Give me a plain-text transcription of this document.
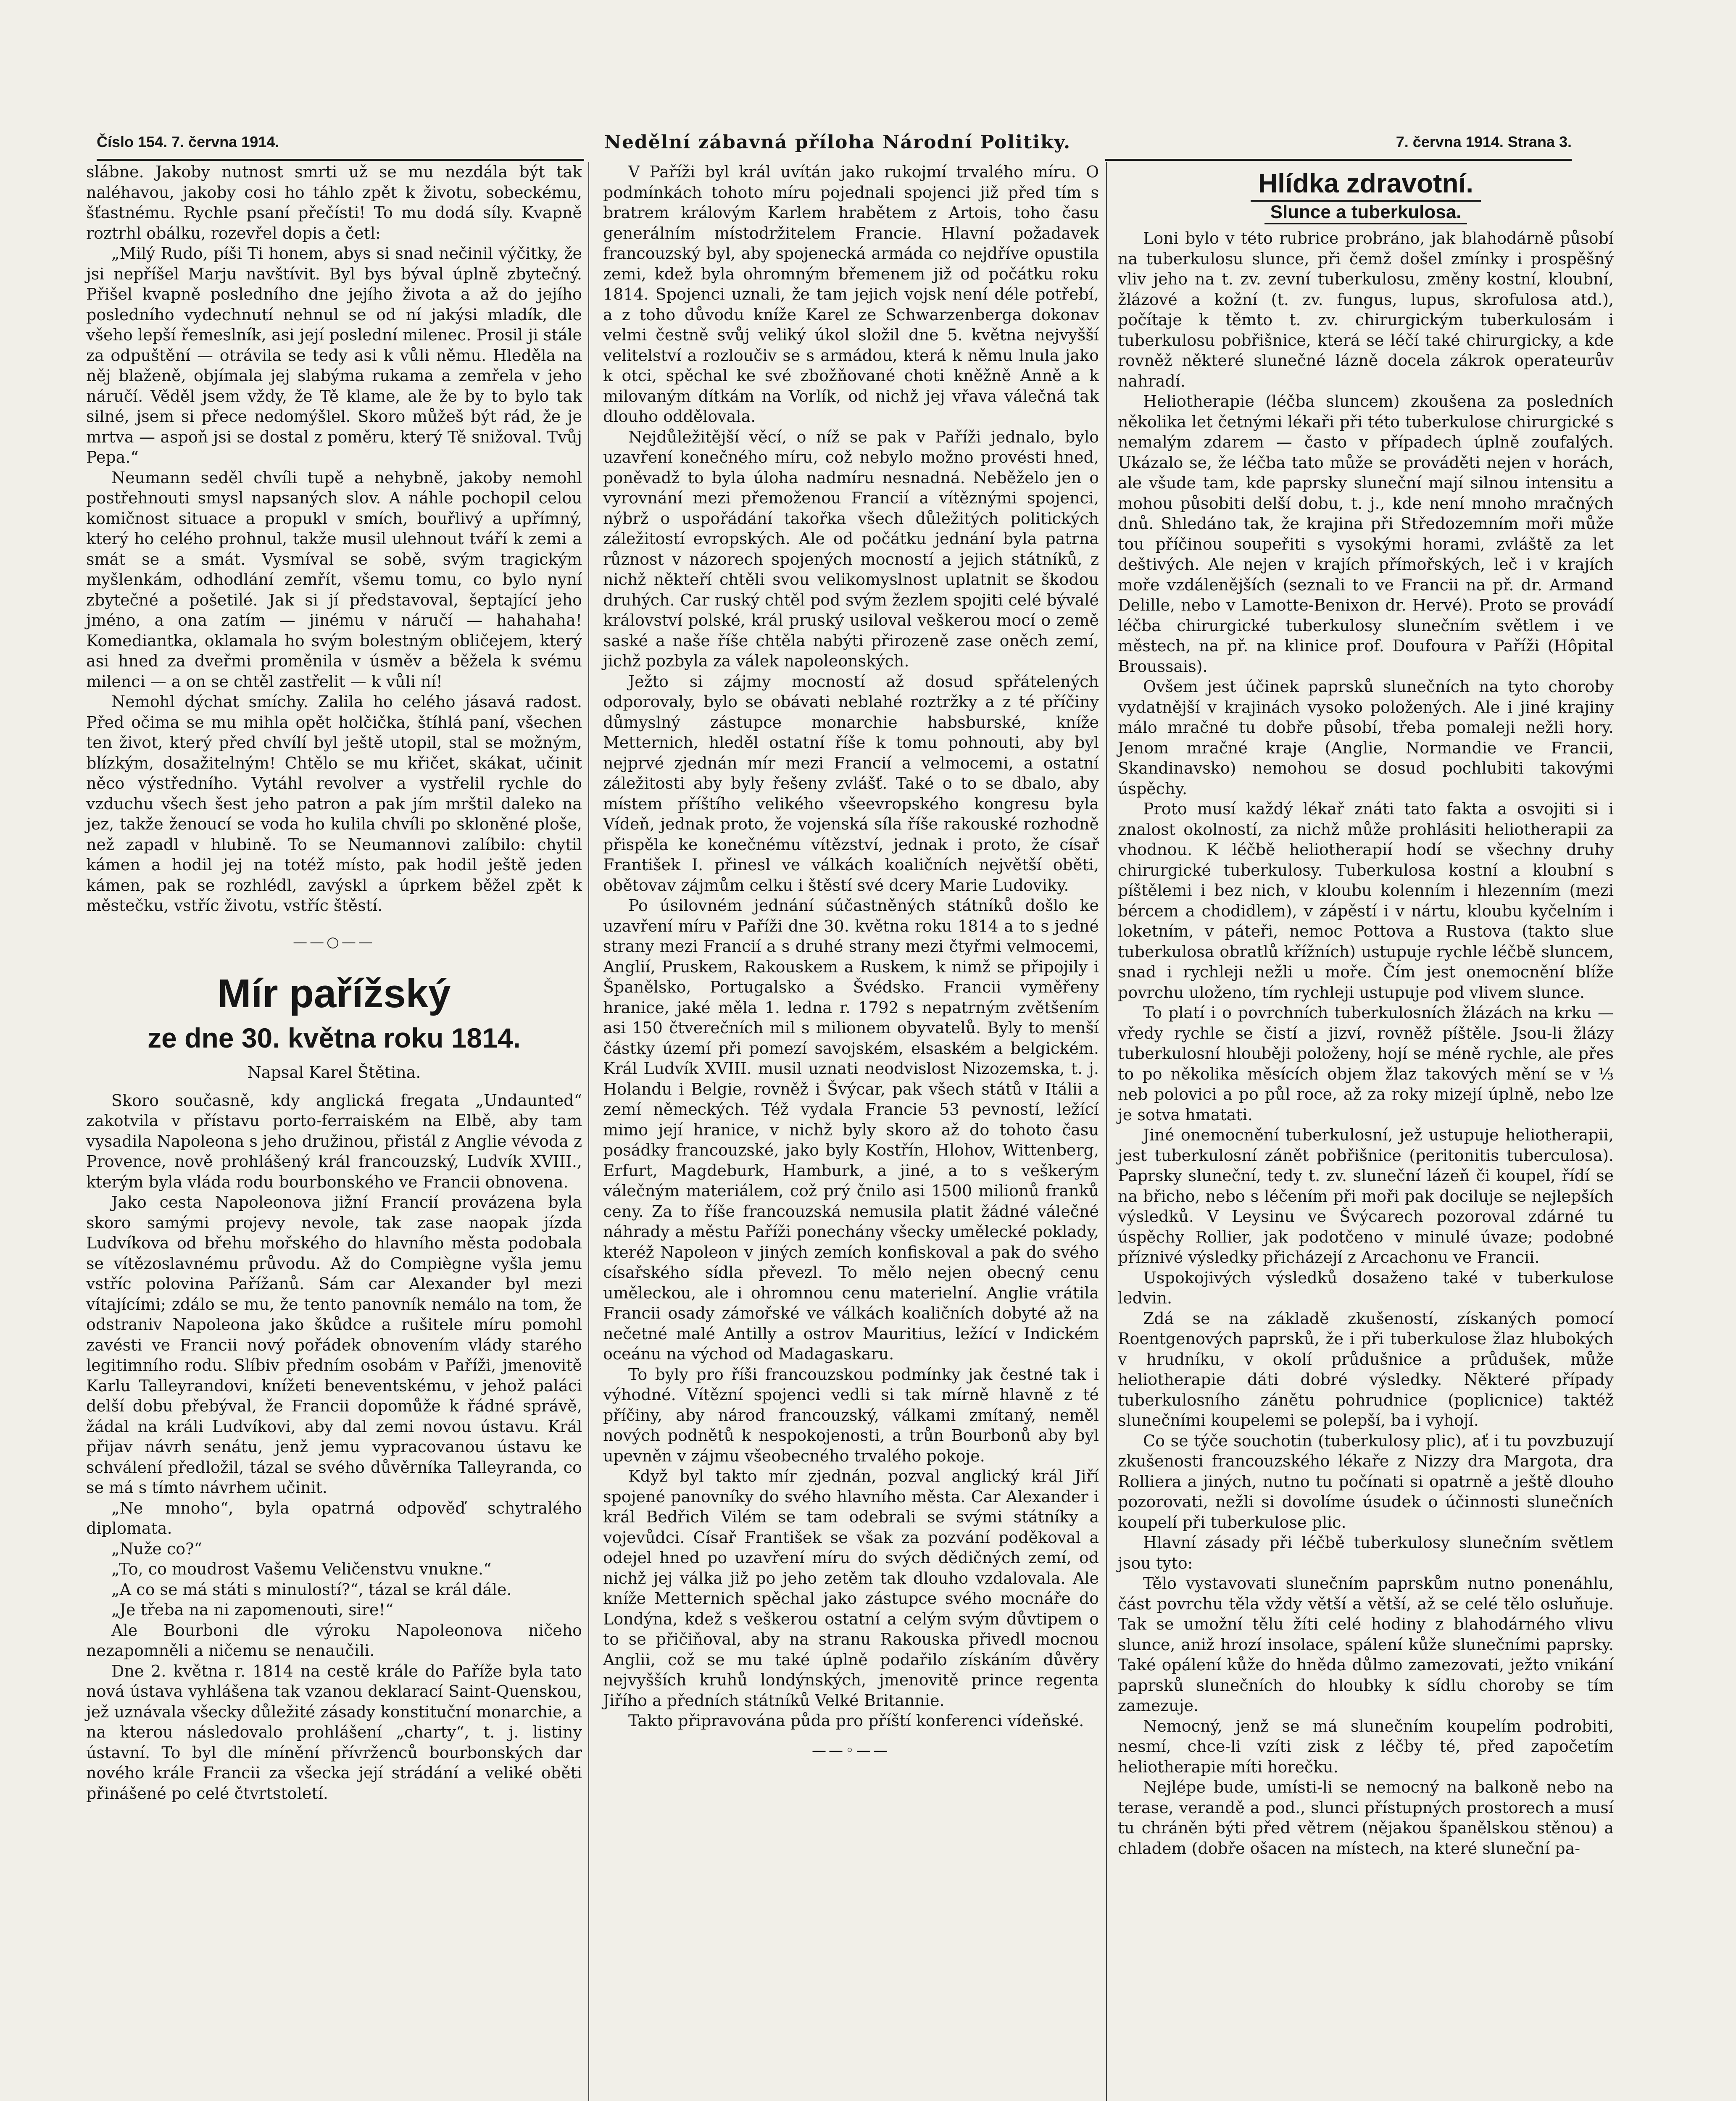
Číslo 154. 7. června 1914.	Nedělní zábavná příloha Národní Politiky.	7. června 1914. Strana 3.

slábne. Jakoby nutnost smrti už se mu nezdála být tak naléhavou, jakoby cosi ho táhlo zpět k životu, sobeckému, šťastnému. Rychle psaní přečísti! To mu dodá síly. Kvapně roztrhl obálku, rozevřel dopis a četl:

„Milý Rudo, píši Ti honem, abys si snad nečinil výčitky, že jsi nepříšel Marju navštívit. Byl bys býval úplně zbytečný. Přišel kvapně posledního dne jejího života a až do jejího posledního vydechnutí nehnul se od ní jakýsi mladík, dle všeho lepší řemeslník, asi její poslední milenec. Prosil ji stále za odpuštění — otrávila se tedy asi k vůli němu. Hleděla na něj blaženě, objímala jej slabýma rukama a zemřela v jeho náručí. Věděl jsem vždy, že Tě klame, ale že by to bylo tak silné, jsem si přece nedomýšlel. Skoro můžeš být rád, že je mrtva — aspoň jsi se dostal z poměru, který Tě snižoval. Tvůj Pepa.“

Neumann seděl chvíli tupě a nehybně, jakoby nemohl postřehnouti smysl napsaných slov. A náhle pochopil celou komičnost situace a propukl v smích, bouřlivý a upřímný, který ho celého prohnul, takže musil ulehnout tváří k zemi a smát se a smát. Vysmíval se sobě, svým tragickým myšlenkám, odhodlání zemřít, všemu tomu, co bylo nyní zbytečné a pošetilé. Jak si jí představoval, šeptající jeho jméno, a ona zatím — jinému v náručí — hahahaha! Komediantka, oklamala ho svým bolestným obličejem, který asi hned za dveřmi proměnila v úsměv a běžela k svému milenci — a on se chtěl zastřelit — k vůli ní!

Nemohl dýchat smíchy. Zalila ho celého jásavá radost. Před očima se mu mihla opět holčička, štíhlá paní, všechen ten život, který před chvílí byl ještě utopil, stal se možným, blízkým, dosažitelným! Chtělo se mu křičet, skákat, učinit něco výstředního. Vytáhl revolver a vystřelil rychle do vzduchu všech šest jeho patron a pak jím mrštil daleko na jez, takže ženoucí se voda ho kulila chvíli po skloněné ploše, než zapadl v hlubině. To se Neumannovi zalíbilo: chytil kámen a hodil jej na totéž místo, pak hodil ještě jeden kámen, pak se rozhlédl, zavýskl a úprkem běžel zpět k městečku, vstříc životu, vstříc štěstí.

——○——
Mír pařížský
ze dne 30. května roku 1814.
Napsal Karel Štětina.

Skoro současně, kdy anglická fregata „Undaunted“ zakotvila v přístavu porto-ferraiském na Elbě, aby tam vysadila Napoleona s jeho družinou, přistál z Anglie vévoda z Provence, nově prohlášený král francouzský, Ludvík XVIII., kterým byla vláda rodu bourbonského ve Francii obnovena.

Jako cesta Napoleonova jižní Francií provázena byla skoro samými projevy nevole, tak zase naopak jízda Ludvíkova od břehu mořského do hlavního města podobala se vítězoslavnému průvodu. Až do Compiègne vyšla jemu vstříc polovina Pařížanů. Sám car Alexander byl mezi vítajícími; zdálo se mu, že tento panovník nemálo na tom, že odstraniv Napoleona jako škůdce a rušitele míru pomohl zavésti ve Francii nový pořádek obnovením vlády starého legitimního rodu. Slíbiv předním osobám v Paříži, jmenovitě Karlu Talleyrandovi, knížeti beneventskému, v jehož paláci delší dobu přebýval, že Francii dopomůže k řádné správě, žádal na králi Ludvíkovi, aby dal zemi novou ústavu. Král přijav návrh senátu, jenž jemu vypracovanou ústavu ke schválení předložil, tázal se svého důvěrníka Talleyranda, co se má s tímto návrhem učinit.

„Ne mnoho“, byla opatrná odpověď schytralého diplomata.

„Nuže co?“

„To, co moudrost Vašemu Veličenstvu vnukne.“

„A co se má státi s minulostí?“, tázal se král dále.

„Je třeba na ni zapomenouti, sire!“

Ale Bourboni dle výroku Napoleonova ničeho nezapomněli a ničemu se nenaučili.

Dne 2. května r. 1814 na cestě krále do Paříže byla tato nová ústava vyhlášena tak vzanou deklarací Saint-Quenskou, jež uznávala všecky důležité zásady konstituční monarchie, a na kterou následovalo prohlášení „charty“, t. j. listiny ústavní. To byl dle mínění přívrženců bourbonských dar nového krále Francii za všecka její strádání a veliké oběti přinášené po celé čtvrtstoletí.

V Paříži byl král uvítán jako rukojmí trvalého míru. O podmínkách tohoto míru pojednali spojenci již před tím s bratrem královým Karlem hrabětem z Artois, toho času generálním místodržitelem Francie. Hlavní požadavek francouzský byl, aby spojenecká armáda co nejdříve opustila zemi, kdež byla ohromným břemenem již od počátku roku 1814. Spojenci uznali, že tam jejich vojsk není déle potřebí, a z toho důvodu kníže Karel ze Schwarzenberga dokonav velmi čestně svůj veliký úkol složil dne 5. května nejvyšší velitelství a rozloučiv se s armádou, která k němu lnula jako k otci, spěchal ke své zbožňované choti kněžně Anně a k milovaným dítkám na Vorlík, od nichž jej vřava válečná tak dlouho oddělovala.

Nejdůležitější věcí, o níž se pak v Paříži jednalo, bylo uzavření konečného míru, což nebylo možno provésti hned, poněvadž to byla úloha nadmíru nesnadná. Neběželo jen o vyrovnání mezi přemoženou Francií a vítěznými spojenci, nýbrž o uspořádání takořka všech důležitých politických záležitostí evropských. Ale od počátku jednání byla patrna různost v názorech spojených mocností a jejich státníků, z nichž někteří chtěli svou velikomyslnost uplatnit se škodou druhých. Car ruský chtěl pod svým žezlem spojiti celé bývalé království polské, král pruský usiloval veškerou mocí o země saské a naše říše chtěla nabýti přirozeně zase oněch zemí, jichž pozbyla za válek napoleonských.

Ježto si zájmy mocností až dosud spřátelených odporovaly, bylo se obávati neblahé roztržky a z té příčiny důmyslný zástupce monarchie habsburské, kníže Metternich, hleděl ostatní říše k tomu pohnouti, aby byl nejprvé zjednán mír mezi Francií a velmocemi, a ostatní záležitosti aby byly řešeny zvlášť. Také o to se dbalo, aby místem příštího velikého všeevropského kongresu byla Vídeň, jednak proto, že vojenská síla říše rakouské rozhodně přispěla ke konečnému vítězství, jednak i proto, že císař František I. přinesl ve válkách koaličních největší oběti, obětovav zájmům celku i štěstí své dcery Marie Ludoviky.

Po úsilovném jednání súčastněných státníků došlo ke uzavření míru v Paříži dne 30. května roku 1814 a to s jedné strany mezi Francií a s druhé strany mezi čtyřmi velmocemi, Anglií, Pruskem, Rakouskem a Ruskem, k nimž se připojily i Španělsko, Portugalsko a Švédsko. Francii vyměřeny hranice, jaké měla 1. ledna r. 1792 s nepatrným zvětšením asi 150 čtverečních mil s milionem obyvatelů. Byly to menší částky území při pomezí savojském, elsaském a belgickém. Král Ludvík XVIII. musil uznati neodvislost Nizozemska, t. j. Holandu i Belgie, rovněž i Švýcar, pak všech států v Itálii a zemí německých. Též vydala Francie 53 pevností, ležící mimo její hranice, v nichž byly skoro až do tohoto času posádky francouzské, jako byly Kostřín, Hlohov, Wittenberg, Erfurt, Magdeburk, Hamburk, a jiné, a to s veškerým válečným materiálem, což prý čnilo asi 1500 milionů franků ceny. Za to říše francouzská nemusila platit žádné válečné náhrady a městu Paříži ponechány všecky umělecké poklady, kteréž Napoleon v jiných zemích konfiskoval a pak do svého císařského sídla převezl. To mělo nejen obecný cenu uměleckou, ale i ohromnou cenu materielní. Anglie vrátila Francii osady zámořské ve válkách koaličních dobyté až na nečetné malé Antilly a ostrov Mauritius, ležící v Indickém oceánu na východ od Madagaskaru.

To byly pro říši francouzskou podmínky jak čestné tak i výhodné. Vítězní spojenci vedli si tak mírně hlavně z té příčiny, aby národ francouzský, válkami zmítaný, neměl nových podnětů k nespokojenosti, a trůn Bourbonů aby byl upevněn v zájmu všeobecného trvalého pokoje.

Když byl takto mír zjednán, pozval anglický král Jiří spojené panovníky do svého hlavního města. Car Alexander i král Bedřich Vilém se tam odebrali se svými státníky a vojevůdci. Císař František se však za pozvání poděkoval a odejel hned po uzavření míru do svých dědičných zemí, od nichž jej válka již po jeho zetěm tak dlouho vzdalovala. Ale kníže Metternich spěchal jako zástupce svého mocnáře do Londýna, kdež s veškerou ostatní a celým svým důvtipem o to se přičiňoval, aby na stranu Rakouska přivedl mocnou Anglii, což se mu také úplně podařilo získáním důvěry nejvyšších kruhů londýnských, jmenovitě prince regenta Jiřího a předních státníků Velké Britannie.

Takto připravována půda pro příští konferenci vídeňské.

——◦——
Hlídka zdravotní.
Slunce a tuberkulosa.

Loni bylo v této rubrice probráno, jak blahodárně působí na tuberkulosu slunce, při čemž došel zmínky i prospěšný vliv jeho na t. zv. zevní tuberkulosu, změny kostní, kloubní, žlázové a kožní (t. zv. fungus, lupus, skrofulosa atd.), počítaje k těmto t. zv. chirurgickým tuberkulosám i tuberkulosu pobřišnice, která se léčí také chirurgicky, a kde rovněž některé slunečné lázně docela zákrok operateurův nahradí.

Heliotherapie (léčba sluncem) zkoušena za posledních několika let četnými lékaři při této tuberkulose chirurgické s nemalým zdarem — často v případech úplně zoufalých. Ukázalo se, že léčba tato může se prováděti nejen v horách, ale všude tam, kde paprsky sluneční mají silnou intensitu a mohou působiti delší dobu, t. j., kde není mnoho mračných dnů. Shledáno tak, že krajina při Středozemním moři může tou příčinou soupeřiti s vysokými horami, zvláště za let deštivých. Ale nejen v krajích přímořských, leč i v krajích moře vzdálenějších (seznali to ve Francii na př. dr. Armand Delille, nebo v Lamotte-Benixon dr. Hervé). Proto se provádí léčba chirurgické tuberkulosy slunečním světlem i ve městech, na př. na klinice prof. Doufoura v Paříži (Hôpital Broussais).

Ovšem jest účinek paprsků slunečních na tyto choroby vydatnější v krajinách vysoko položených. Ale i jiné krajiny málo mračné tu dobře působí, třeba pomaleji nežli hory. Jenom mračné kraje (Anglie, Normandie ve Francii, Skandinavsko) nemohou se dosud pochlubiti takovými úspěchy.

Proto musí každý lékař znáti tato fakta a osvojiti si i znalost okolností, za nichž může prohlásiti heliotherapii za vhodnou. K léčbě heliotherapií hodí se všechny druhy chirurgické tuberkulosy. Tuberkulosa kostní a kloubní s píštělemi i bez nich, v kloubu kolenním i hlezenním (mezi bércem a chodidlem), v zápěstí i v nártu, kloubu kyčelním i loketním, v páteři, nemoc Pottova a Rustova (takto slue tuberkulosa obratlů křížních) ustupuje rychle léčbě sluncem, snad i rychleji nežli u moře. Čím jest onemocnění blíže povrchu uloženo, tím rychleji ustupuje pod vlivem slunce.

To platí i o povrchních tuberkulosních žlázách na krku — vředy rychle se čistí a jizví, rovněž píštěle. Jsou-li žlázy tuberkulosní hlouběji položeny, hojí se méně rychle, ale přes to po několika měsících objem žlaz takových mění se v ⅓ neb polovici a po půl roce, až za roky mizejí úplně, nebo lze je sotva hmatati.

Jiné onemocnění tuberkulosní, jež ustupuje heliotherapii, jest tuberkulosní zánět pobřišnice (peritonitis tuberculosa). Paprsky sluneční, tedy t. zv. sluneční lázeň či koupel, řídí se na břicho, nebo s léčením při moři pak dociluje se nejlepších výsledků. V Leysinu ve Švýcarech pozoroval zdárné tu úspěchy Rollier, jak podotčeno v minulé úvaze; podobné příznivé výsledky přicházejí z Arcachonu ve Francii.

Uspokojivých výsledků dosaženo také v tuberkulose ledvin.

Zdá se na základě zkušeností, získaných pomocí Roentgenových paprsků, že i při tuberkulose žlaz hlubokých v hrudníku, v okolí průdušnice a průdušek, může heliotherapie dáti dobré výsledky. Některé případy tuberkulosního zánětu pohrudnice (poplicnice) taktéž slunečními koupelemi se polepší, ba i vyhojí.

Co se týče souchotin (tuberkulosy plic), ať i tu povzbuzují zkušenosti francouzského lékaře z Nizzy dra Margota, dra Rolliera a jiných, nutno tu počínati si opatrně a ještě dlouho pozorovati, nežli si dovolíme úsudek o účinnosti slunečních koupelí při tuberkulose plic.

Hlavní zásady při léčbě tuberkulosy slunečním světlem jsou tyto:

Tělo vystavovati slunečním paprskům nutno ponenáhlu, část povrchu těla vždy větší a větší, až se celé tělo osluňuje. Tak se umožní tělu žíti celé hodiny z blahodárného vlivu slunce, aniž hrozí insolace, spálení kůže slunečními paprsky. Také opálení kůže do hněda důlmo zamezovati, ježto vnikání paprsků slunečních do hloubky k sídlu choroby se tím zamezuje.

Nemocný, jenž se má slunečním koupelím podrobiti, nesmí, chce-li vzíti zisk z léčby té, před započetím heliotherapie míti horečku.

Nejlépe bude, umísti-li se nemocný na balkoně nebo na terase, verandě a pod., slunci přístupných prostorech a musí tu chráněn býti před větrem (nějakou španělskou stěnou) a chladem (dobře ošacen na místech, na které sluneční pa-
